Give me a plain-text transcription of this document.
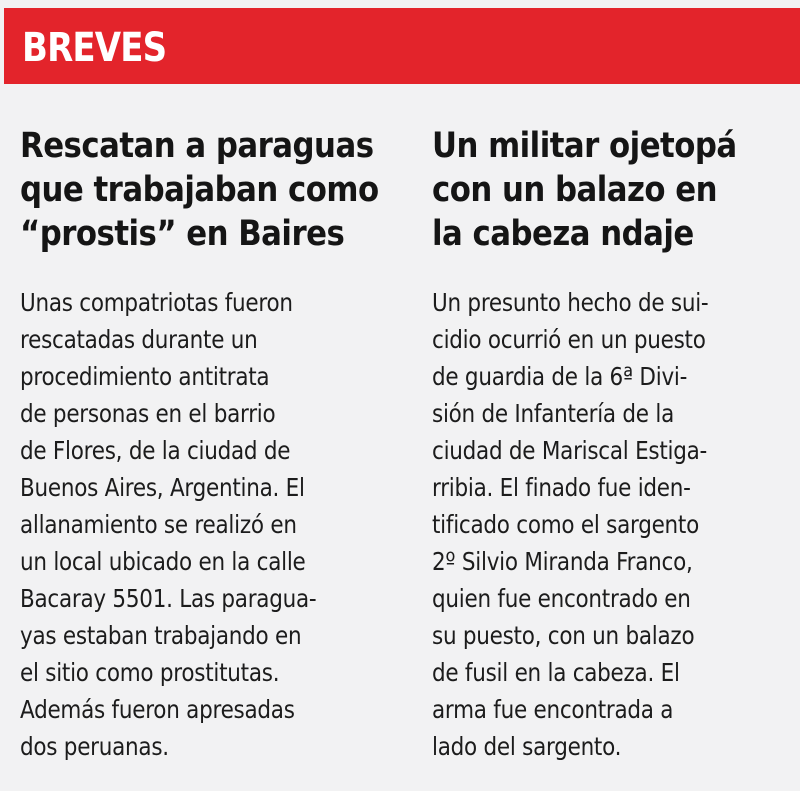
BREVES
Rescatan a paraguas
que trabajaban como
“prostis” en Baires

Unas compatriotas fueron
rescatadas durante un
procedimiento antitrata
de personas en el barrio
de Flores, de la ciudad de
Buenos Aires, Argentina. El
allanamiento se realizó en
un local ubicado en la calle
Bacaray 5501. Las paragua-
yas estaban trabajando en
el sitio como prostitutas.
Además fueron apresadas
dos peruanas.

Un militar ojetopá
con un balazo en
la cabeza ndaje

Un presunto hecho de sui-
cidio ocurrió en un puesto
de guardia de la 6ª Divi-
sión de Infantería de la
ciudad de Mariscal Estiga-
rribia. El finado fue iden-
tificado como el sargento
2º Silvio Miranda Franco,
quien fue encontrado en
su puesto, con un balazo
de fusil en la cabeza. El
arma fue encontrada a
lado del sargento.
